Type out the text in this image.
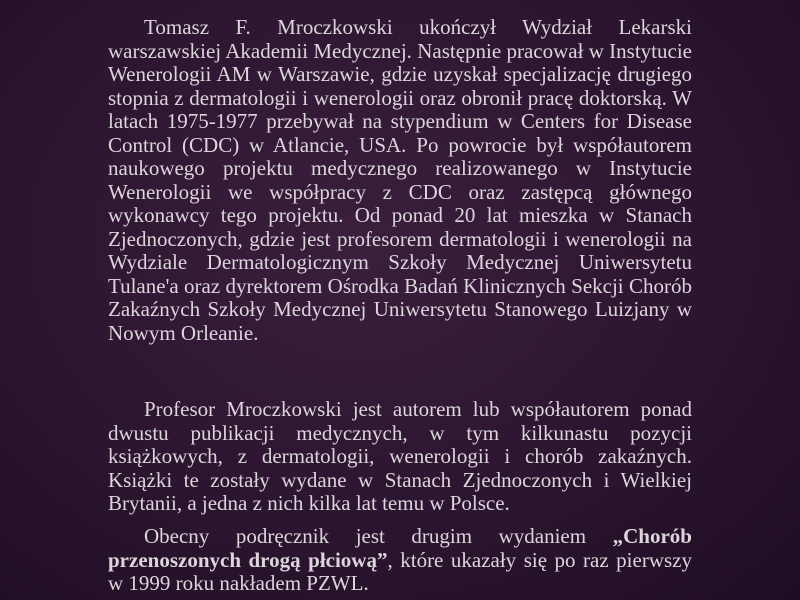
Tomasz F. Mroczkowski ukończył Wydział Lekarski warszawskiej Akademii Medycznej. Następnie pracował w Instytucie Wenerologii AM w Warszawie, gdzie uzyskał specjalizację drugiego stopnia z dermatologii i wenerologii oraz obronił pracę doktorską. W latach 1975-1977 przebywał na stypendium w Centers for Disease Control (CDC) w Atlancie, USA. Po powrocie był współautorem naukowego projektu medycznego realizowanego w Instytucie Wenerologii we współpracy z CDC oraz zastępcą głównego wykonawcy tego projektu. Od ponad 20 lat mieszka w Stanach Zjednoczonych, gdzie jest profesorem dermatologii i wenerologii na Wydziale Dermatologicznym Szkoły Medycznej Uniwersytetu Tulane'a oraz dyrektorem Ośrodka Badań Klinicznych Sekcji Chorób Zakaźnych Szkoły Medycznej Uniwersytetu Stanowego Luizjany w Nowym Orleanie.

Profesor Mroczkowski jest autorem lub współautorem ponad dwustu publikacji medycznych, w tym kilkunastu pozycji książkowych, z dermatologii, wenerologii i chorób zakaźnych. Książki te zostały wydane w Stanach Zjednoczonych i Wielkiej Brytanii, a jedna z nich kilka lat temu w Polsce.

Obecny podręcznik jest drugim wydaniem „Chorób przenoszonych drogą płciową”, które ukazały się po raz pierwszy w 1999 roku nakładem PZWL.
